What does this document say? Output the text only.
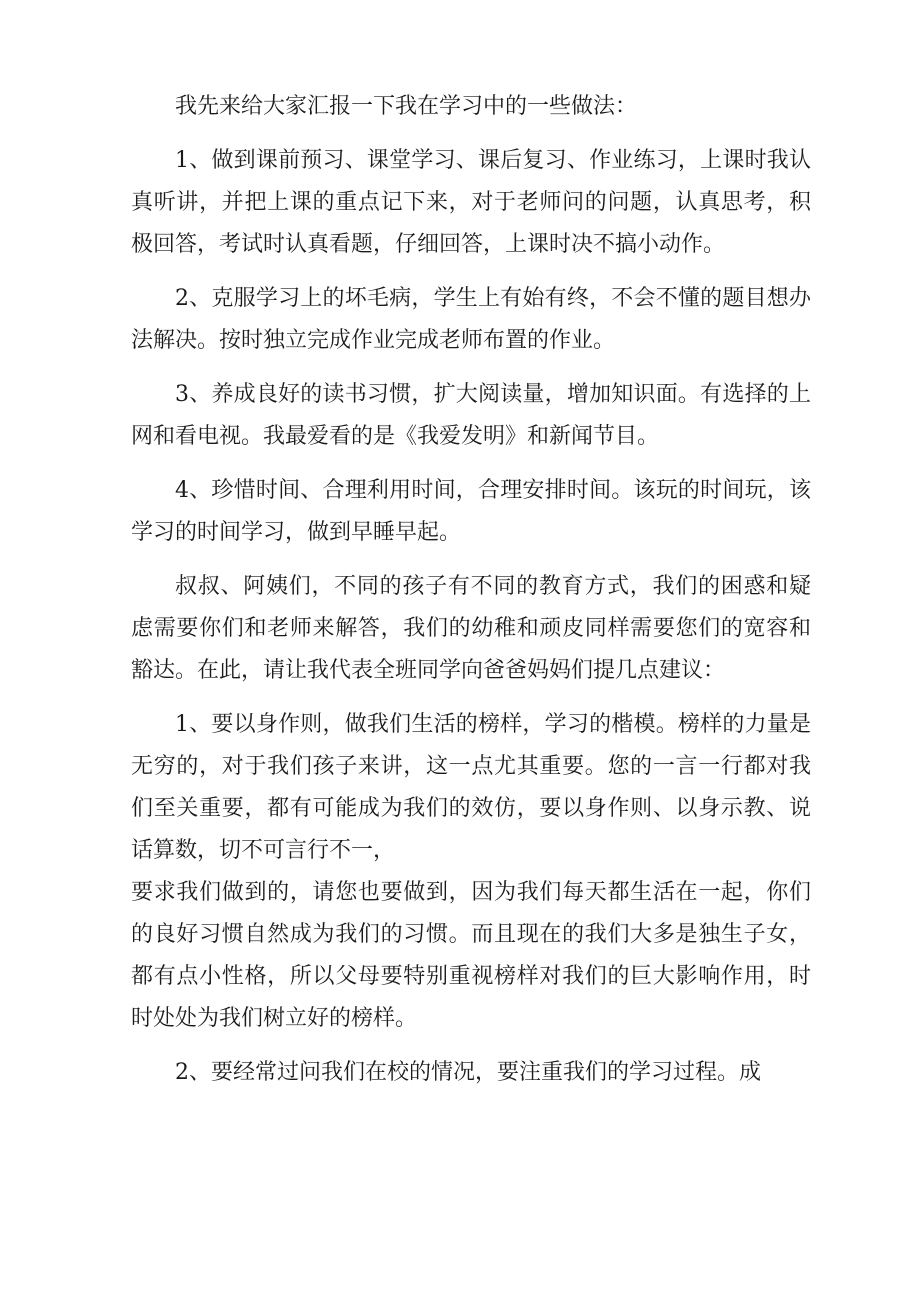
我先来给大家汇报一下我在学习中的一些做法：

1、做到课前预习、课堂学习、课后复习、作业练习，上课时我认真听讲，并把上课的重点记下来，对于老师问的问题，认真思考，积极回答，考试时认真看题，仔细回答，上课时决不搞小动作。

2、克服学习上的坏毛病，学生上有始有终，不会不懂的题目想办法解决。按时独立完成作业完成老师布置的作业。

3、养成良好的读书习惯，扩大阅读量，增加知识面。有选择的上网和看电视。我最爱看的是《我爱发明》和新闻节目。

4、珍惜时间、合理利用时间，合理安排时间。该玩的时间玩，该学习的时间学习，做到早睡早起。

叔叔、阿姨们，不同的孩子有不同的教育方式，我们的困惑和疑虑需要你们和老师来解答，我们的幼稚和顽皮同样需要您们的宽容和豁达。在此，请让我代表全班同学向爸爸妈妈们提几点建议：

1、要以身作则，做我们生活的榜样，学习的楷模。榜样的力量是无穷的，对于我们孩子来讲，这一点尤其重要。您的一言一行都对我们至关重要，都有可能成为我们的效仿，要以身作则、以身示教、说话算数，切不可言行不一，

要求我们做到的，请您也要做到，因为我们每天都生活在一起，你们的良好习惯自然成为我们的习惯。而且现在的我们大多是独生子女，都有点小性格，所以父母要特别重视榜样对我们的巨大影响作用，时时处处为我们树立好的榜样。

2、要经常过问我们在校的情况，要注重我们的学习过程。成
